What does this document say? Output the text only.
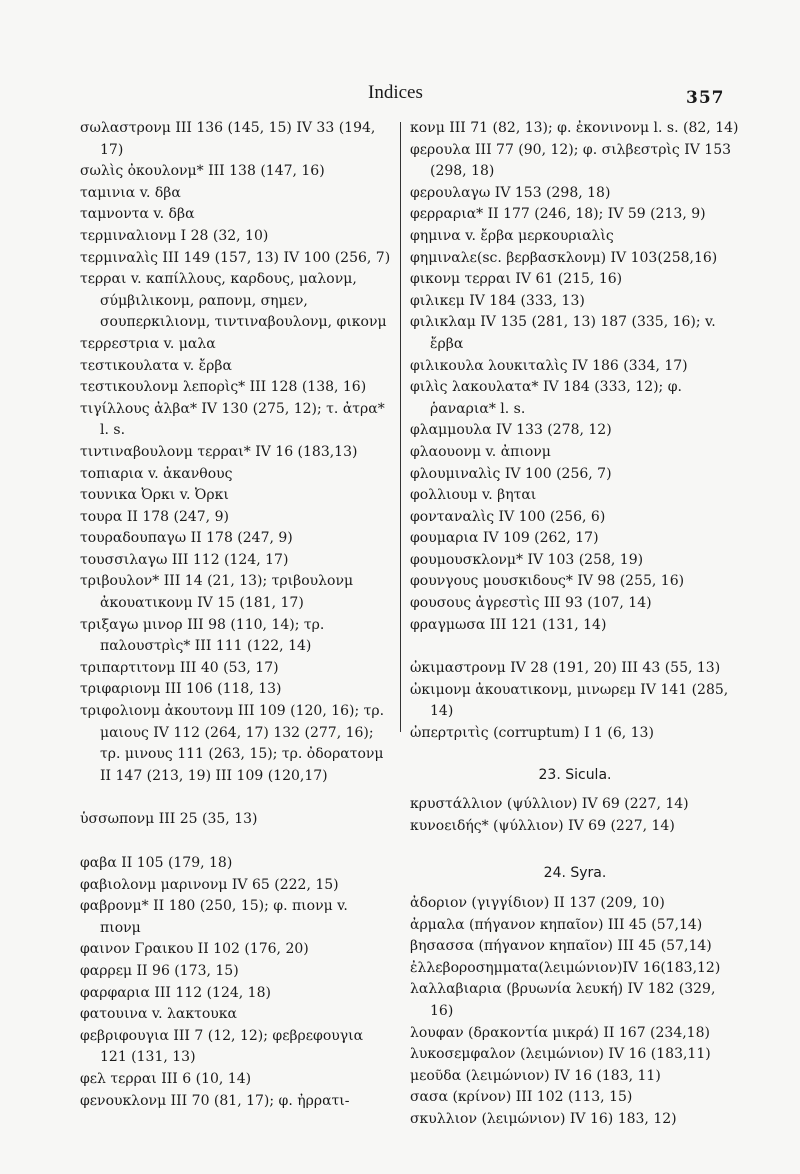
Indices	357
σωλαστρονμ III 136 (145, 15) IV 33 (194, 17)
σωλὶς ὀκουλονμ* III 138 (147, 16)
ταμινια v. δβα
ταμνοντα v. δβα
τερμιναλιονμ I 28 (32, 10)
τερμιναλὶς III 149 (157, 13) IV 100 (256, 7)
τερραι v. καπίλλους, καρδους, μαλονμ, σύμβιλικονμ, ραπονμ, σημεν, σουπερκιλιονμ, τιντιναβουλονμ, φικονμ
τερρεστρια v. μαλα
τεστικουλατα v. ἔρβα
τεστικουλονμ λεπορὶς* III 128 (138, 16)
τιγίλλους ἀλβα* IV 130 (275, 12); τ. ἀτρα* l. s.
τιντιναβουλονμ τερραι* IV 16 (183,13)
τοπιαρια v. ἀκανθους
τουνικα Ὀρκι v. Ὀρκι
τουρα II 178 (247, 9)
τουραδουπαγω II 178 (247, 9)
τουσσιλαγω III 112 (124, 17)
τριβουλον* III 14 (21, 13); τριβουλονμ ἀκουατικονμ IV 15 (181, 17)
τριξαγω μινορ III 98 (110, 14); τρ. παλουστρὶς* III 111 (122, 14)
τριπαρτιτονμ III 40 (53, 17)
τριφαριονμ III 106 (118, 13)
τριφολιονμ ἀκουτονμ III 109 (120, 16); τρ. μαιους IV 112 (264, 17) 132 (277, 16); τρ. μινους 111 (263, 15); τρ. ὀδορατονμ II 147 (213, 19) III 109 (120,17)
ὑσσωπονμ III 25 (35, 13)
φαβα II 105 (179, 18)
φαβιολονμ μαρινονμ IV 65 (222, 15)
φαβρονμ* II 180 (250, 15); φ. πιονμ v. πιονμ
φαινον Γραικου II 102 (176, 20)
φαρρεμ II 96 (173, 15)
φαρφαρια III 112 (124, 18)
φατουινα v. λακτουκα
φεβριφουγια III 7 (12, 12); φεβρεφουγια 121 (131, 13)
φελ τερραι III 6 (10, 14)
φενουκλονμ III 70 (81, 17); φ. ἠρρατι-
κονμ III 71 (82, 13); φ. ἐκονινονμ l. s. (82, 14)
φερουλα III 77 (90, 12); φ. σιλβεστρὶς IV 153 (298, 18)
φερουλαγω IV 153 (298, 18)
φερραρια* II 177 (246, 18); IV 59 (213, 9)
φημινα v. ἔρβα μερκουριαλὶς
φημιναλε(sc. βερβασκλονμ) IV 103(258,16)
φικονμ τερραι IV 61 (215, 16)
φιλικεμ IV 184 (333, 13)
φιλικλαμ IV 135 (281, 13) 187 (335, 16); v. ἔρβα
φιλικουλα λουκιταλὶς IV 186 (334, 17)
φιλὶς λακουλατα* IV 184 (333, 12); φ. ῥαναρια* l. s.
φλαμμουλα IV 133 (278, 12)
φλαουονμ v. ἀπιονμ
φλουμιναλὶς IV 100 (256, 7)
φολλιουμ v. βηται
φονταναλὶς IV 100 (256, 6)
φουμαρια IV 109 (262, 17)
φουμουσκλονμ* IV 103 (258, 19)
φουνγους μουσκιδους* IV 98 (255, 16)
φουσους ἀγρεστὶς III 93 (107, 14)
φραγμωσα III 121 (131, 14)
ὠκιμαστρονμ IV 28 (191, 20) III 43 (55, 13)
ὠκιμονμ ἀκουατικονμ, μινωρεμ IV 141 (285, 14)
ὠπερτριτὶς (corruptum) I 1 (6, 13)
23. Sicula.
κρυστάλλιον (ψύλλιον) IV 69 (227, 14)
κυνοειδής* (ψύλλιον) IV 69 (227, 14)
24. Syra.
ἀδοριον (γιγγίδιον) II 137 (209, 10)
ἀρμαλα (πήγανον κηπαῖον) III 45 (57,14)
βησασσα (πήγανον κηπαῖον) III 45 (57,14)
ἐλλεβοροσημματα(λειμώνιον)IV 16(183,12)
λαλλαβιαρια (βρυωνία λευκή) IV 182 (329, 16)
λουφαν (δρακοντία μικρά) II 167 (234,18)
λυκοσεμφαλον (λειμώνιον) IV 16 (183,11)
μεοῦδα (λειμώνιον) IV 16 (183, 11)
σασα (κρίνον) III 102 (113, 15)
σκυλλιον (λειμώνιον) IV 16) 183, 12)
